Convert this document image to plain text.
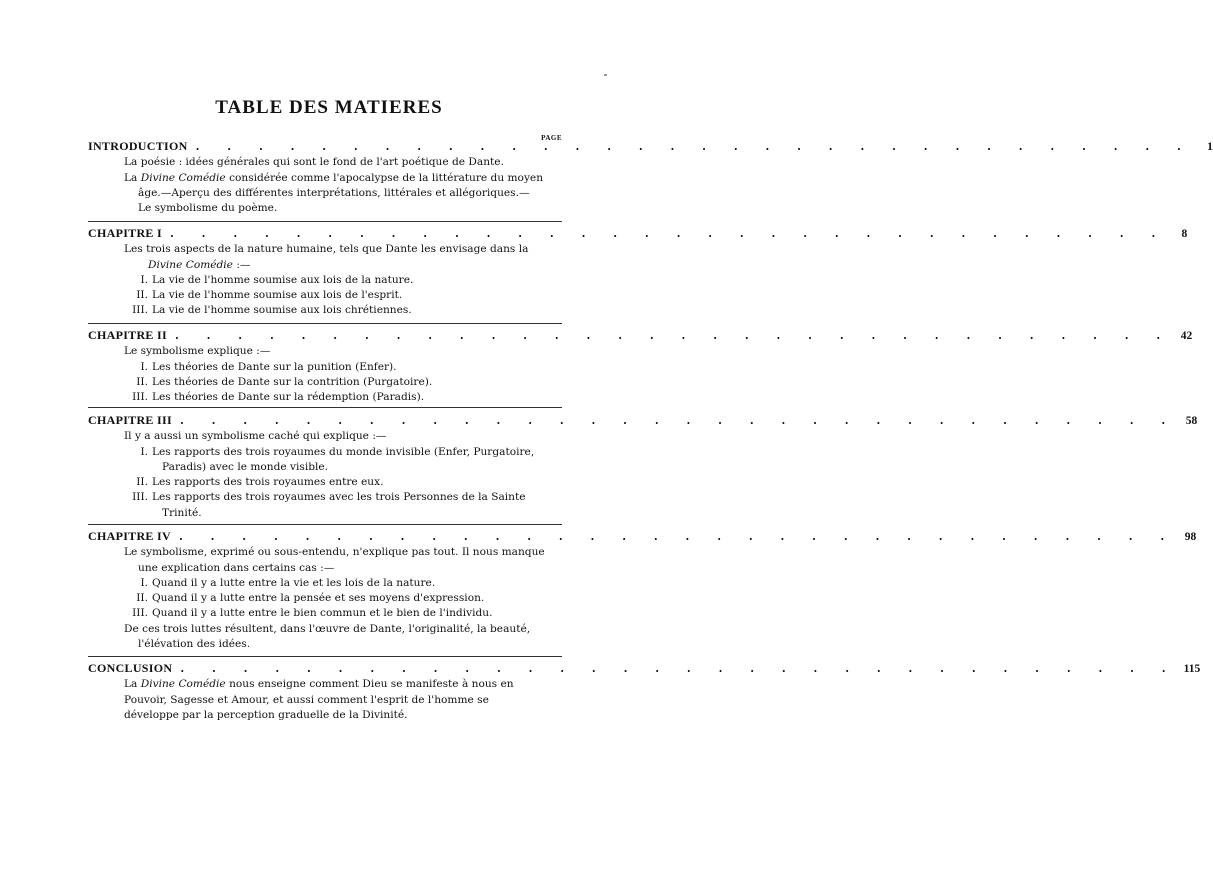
TABLE DES MATIERES
PAGE
INTRODUCTION . . . . . . . . . . . . . . . . . . . . . . . . . . . . . . . .	1
La poésie : idées générales qui sont le fond de l'art poétique de Dante.
La Divine Comédie considérée comme l'apocalypse de la littérature du moyen
âge.—Aperçu des différentes interprétations, littérales et allégoriques.—
Le symbolisme du poème.
CHAPITRE I . . . . . . . . . . . . . . . . . . . . . . . . . . . . . . . .	8
Les trois aspects de la nature humaine, tels que Dante les envisage dans la
Divine Comédie :—
I. La vie de l'homme soumise aux lois de la nature.
II. La vie de l'homme soumise aux lois de l'esprit.
III. La vie de l'homme soumise aux lois chrétiennes.
CHAPITRE II . . . . . . . . . . . . . . . . . . . . . . . . . . . . . . . . 42
Le symbolisme explique :—
I. Les théories de Dante sur la punition (Enfer).
II. Les théories de Dante sur la contrition (Purgatoire).
III. Les théories de Dante sur la rédemption (Paradis).
CHAPITRE III . . . . . . . . . . . . . . . . . . . . . . . . . . . . . . . . 58
Il y a aussi un symbolisme caché qui explique :—
I. Les rapports des trois royaumes du monde invisible (Enfer, Purgatoire,
Paradis) avec le monde visible.
II. Les rapports des trois royaumes entre eux.
III. Les rapports des trois royaumes avec les trois Personnes de la Sainte
Trinité.
CHAPITRE IV . . . . . . . . . . . . . . . . . . . . . . . . . . . . . . . . 98
Le symbolisme, exprimé ou sous-entendu, n'explique pas tout. Il nous manque
une explication dans certains cas :—
I. Quand il y a lutte entre la vie et les lois de la nature.
II. Quand il y a lutte entre la pensée et ses moyens d'expression.
III. Quand il y a lutte entre le bien commun et le bien de l'individu.
De ces trois luttes résultent, dans l'œuvre de Dante, l'originalité, la beauté,
l'élévation des idées.
CONCLUSION . . . . . . . . . . . . . . . . . . . . . . . . . . . . . . . . 115
La Divine Comédie nous enseigne comment Dieu se manifeste à nous en
Pouvoir, Sagesse et Amour, et aussi comment l'esprit de l'homme se
développe par la perception graduelle de la Divinité.
